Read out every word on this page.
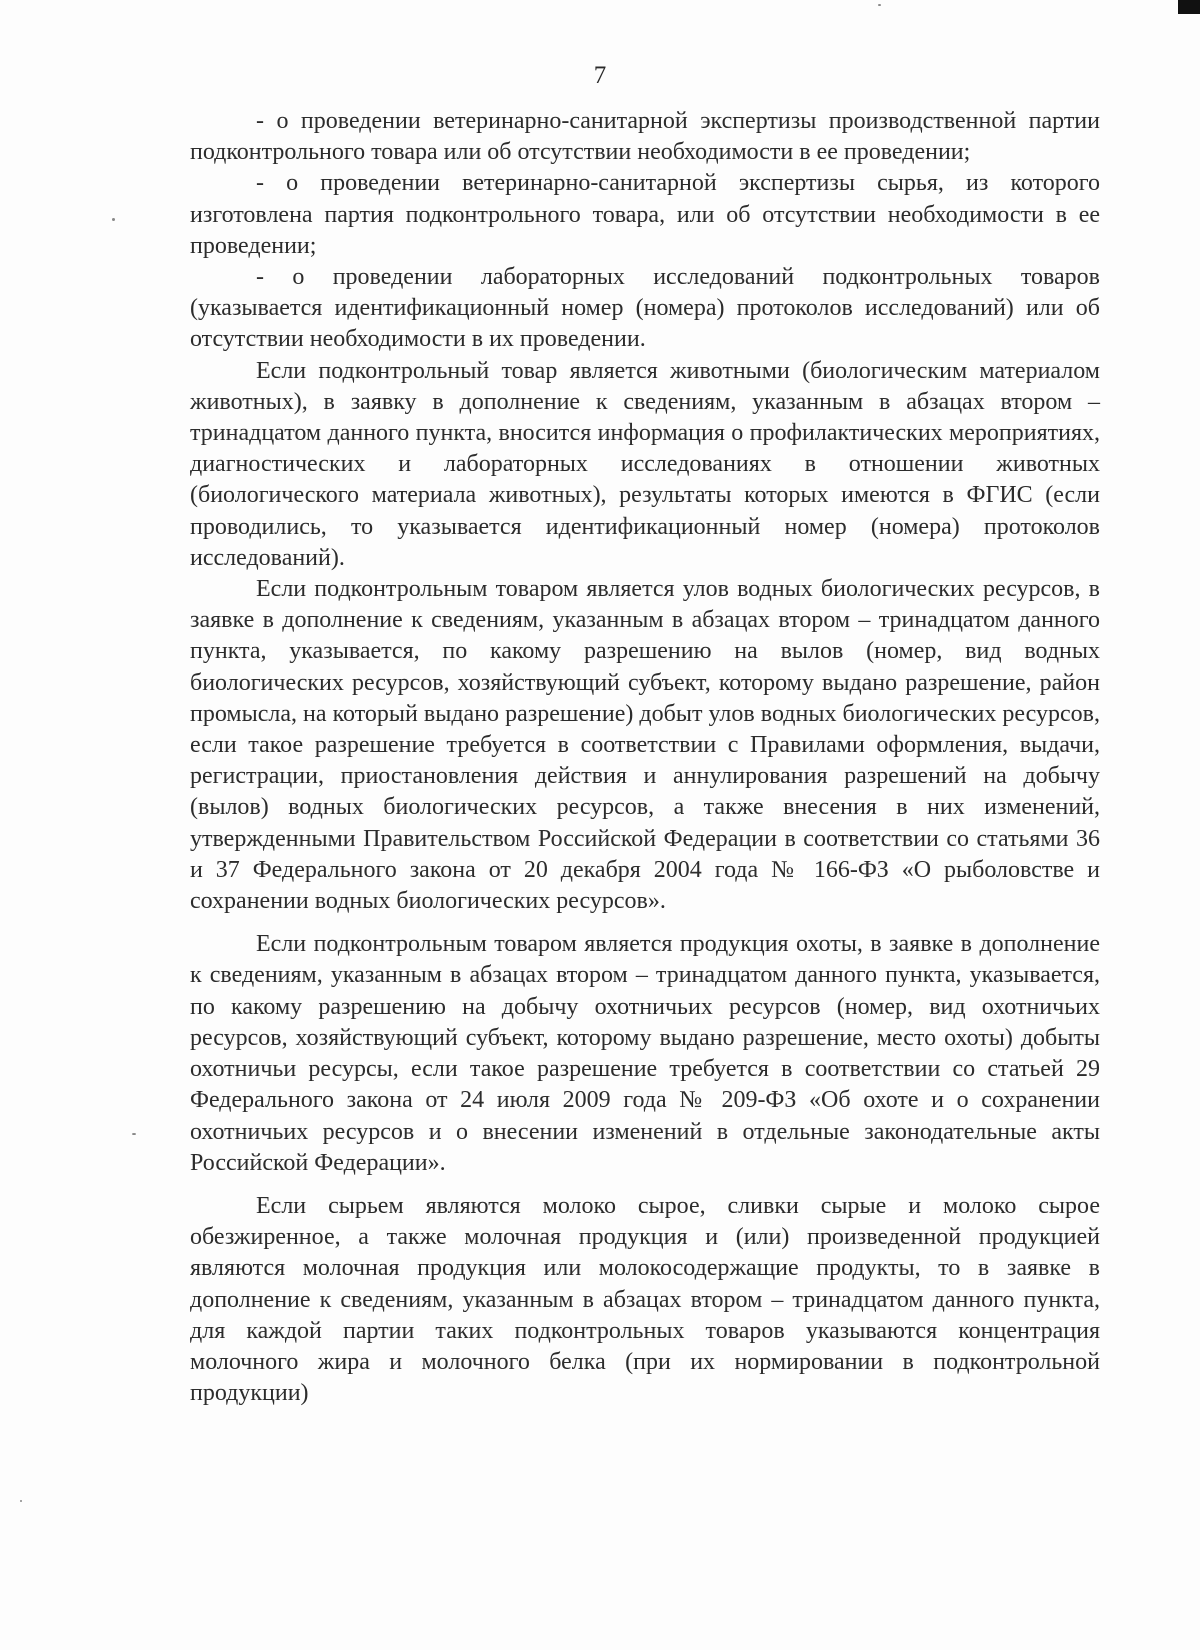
7

- о проведении ветеринарно-санитарной экспертизы производственной партии подконтрольного товара или об отсутствии необходимости в ее проведении;

- о проведении ветеринарно-санитарной экспертизы сырья, из которого изготовлена партия подконтрольного товара, или об отсутствии необходимости в ее проведении;

- о проведении лабораторных исследований подконтрольных товаров (указывается идентификационный номер (номера) протоколов исследований) или об отсутствии необходимости в их проведении.

Если подконтрольный товар является животными (биологическим материалом животных), в заявку в дополнение к сведениям, указанным в абзацах втором – тринадцатом данного пункта, вносится информация о профилактических мероприятиях, диагностических и лабораторных исследованиях в отношении животных (биологического материала животных), результаты которых имеются в ФГИС (если проводились, то указывается идентификационный номер (номера) протоколов исследований).

Если подконтрольным товаром является улов водных биологических ресурсов, в заявке в дополнение к сведениям, указанным в абзацах втором – тринадцатом данного пункта, указывается, по какому разрешению на вылов (номер, вид водных биологических ресурсов, хозяйствующий субъект, которому выдано разрешение, район промысла, на который выдано разрешение) добыт улов водных биологических ресурсов, если такое разрешение требуется в соответствии с Правилами оформления, выдачи, регистрации, приостановления действия и аннулирования разрешений на добычу (вылов) водных биологических ресурсов, а также внесения в них изменений, утвержденными Правительством Российской Федерации в соответствии со статьями 36 и 37 Федерального закона от 20 декабря 2004 года № 166-ФЗ «О рыболовстве и сохранении водных биологических ресурсов».

Если подконтрольным товаром является продукция охоты, в заявке в дополнение к сведениям, указанным в абзацах втором – тринадцатом данного пункта, указывается, по какому разрешению на добычу охотничьих ресурсов (номер, вид охотничьих ресурсов, хозяйствующий субъект, которому выдано разрешение, место охоты) добыты охотничьи ресурсы, если такое разрешение требуется в соответствии со статьей 29 Федерального закона от 24 июля 2009 года № 209-ФЗ «Об охоте и о сохранении охотничьих ресурсов и о внесении изменений в отдельные законодательные акты Российской Федерации».

Если сырьем являются молоко сырое, сливки сырые и молоко сырое обезжиренное, а также молочная продукция и (или) произведенной продукцией являются молочная продукция или молокосодержащие продукты, то в заявке в дополнение к сведениям, указанным в абзацах втором – тринадцатом данного пункта, для каждой партии таких подконтрольных товаров указываются концентрация молочного жира и молочного белка (при их нормировании в подконтрольной продукции)
